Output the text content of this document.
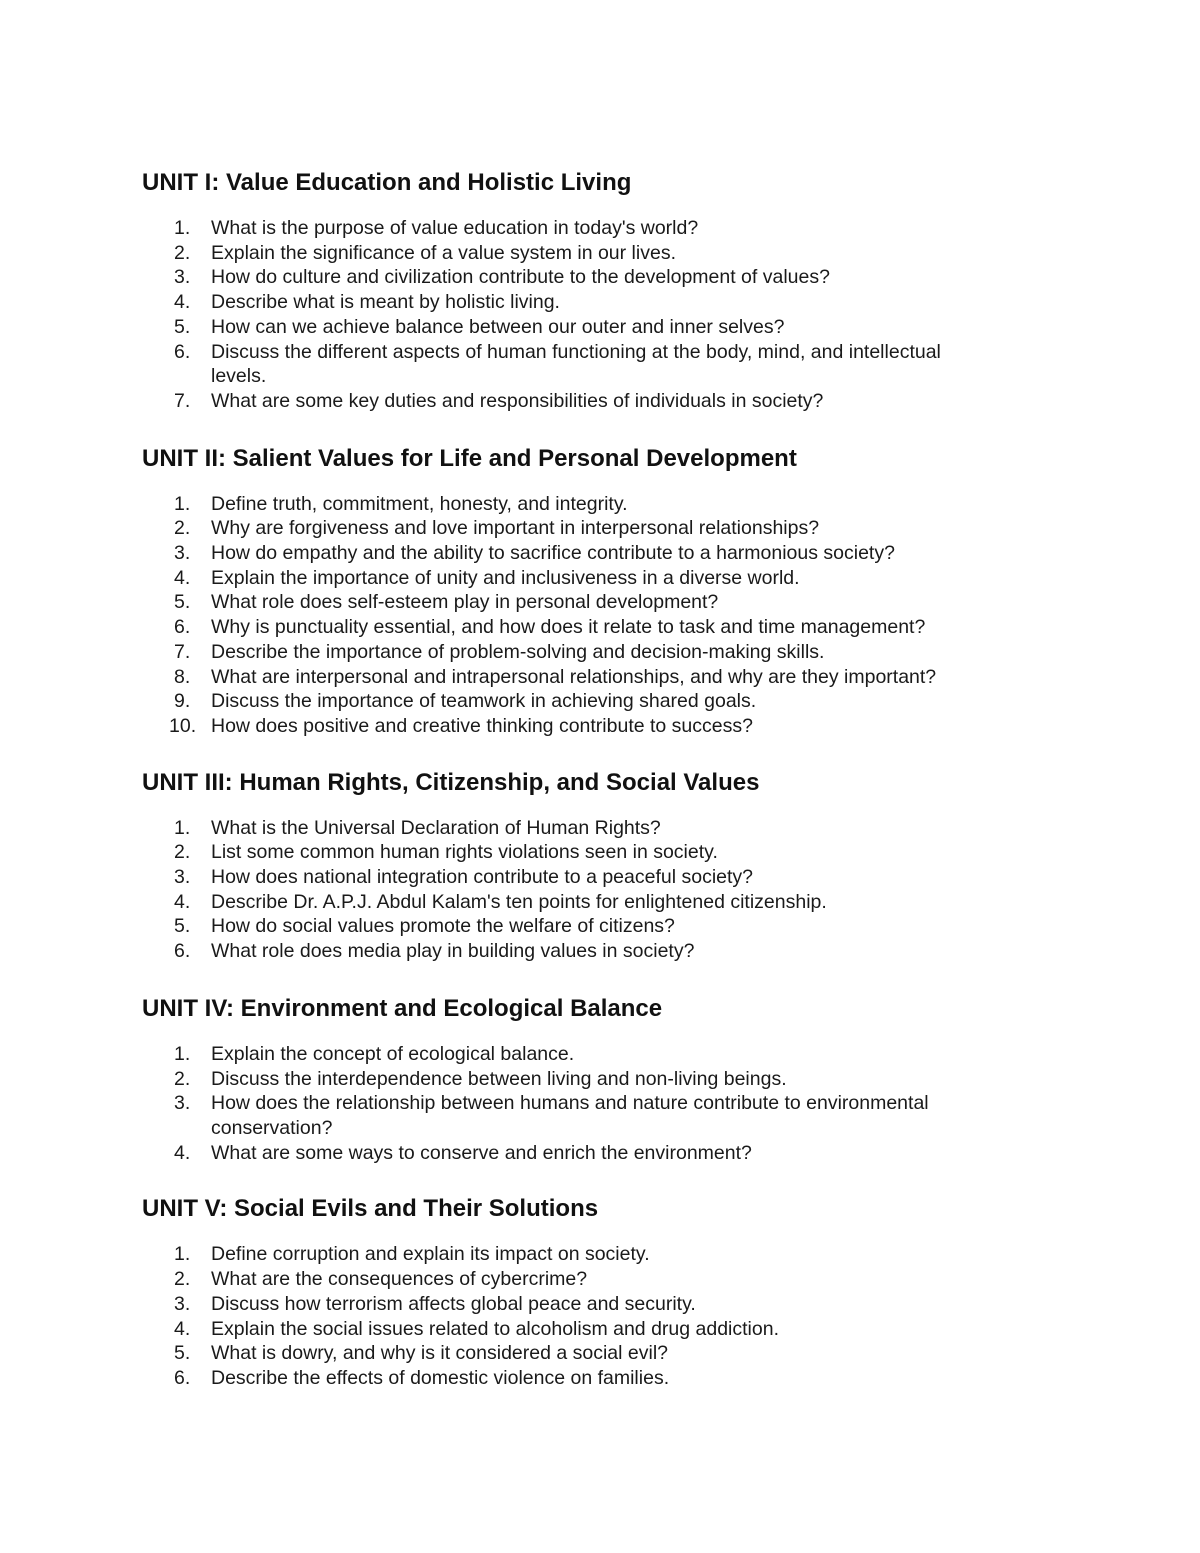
UNIT I: Value Education and Holistic Living
1.	What is the purpose of value education in today's world?
2.	Explain the significance of a value system in our lives.
3.	How do culture and civilization contribute to the development of values?
4.	Describe what is meant by holistic living.
5.	How can we achieve balance between our outer and inner selves?
6.	Discuss the different aspects of human functioning at the body, mind, and intellectual levels.
7.	What are some key duties and responsibilities of individuals in society?
UNIT II: Salient Values for Life and Personal Development
1.	Define truth, commitment, honesty, and integrity.
2.	Why are forgiveness and love important in interpersonal relationships?
3.	How do empathy and the ability to sacrifice contribute to a harmonious society?
4.	Explain the importance of unity and inclusiveness in a diverse world.
5.	What role does self-esteem play in personal development?
6.	Why is punctuality essential, and how does it relate to task and time management?
7.	Describe the importance of problem-solving and decision-making skills.
8.	What are interpersonal and intrapersonal relationships, and why are they important?
9.	Discuss the importance of teamwork in achieving shared goals.
10. How does positive and creative thinking contribute to success?
UNIT III: Human Rights, Citizenship, and Social Values
1.	What is the Universal Declaration of Human Rights?
2.	List some common human rights violations seen in society.
3.	How does national integration contribute to a peaceful society?
4.	Describe Dr. A.P.J. Abdul Kalam's ten points for enlightened citizenship.
5.	How do social values promote the welfare of citizens?
6.	What role does media play in building values in society?
UNIT IV: Environment and Ecological Balance
1.	Explain the concept of ecological balance.
2.	Discuss the interdependence between living and non-living beings.
3.	How does the relationship between humans and nature contribute to environmental conservation?
4.	What are some ways to conserve and enrich the environment?
UNIT V: Social Evils and Their Solutions
1.	Define corruption and explain its impact on society.
2.	What are the consequences of cybercrime?
3.	Discuss how terrorism affects global peace and security.
4.	Explain the social issues related to alcoholism and drug addiction.
5.	What is dowry, and why is it considered a social evil?
6.	Describe the effects of domestic violence on families.
